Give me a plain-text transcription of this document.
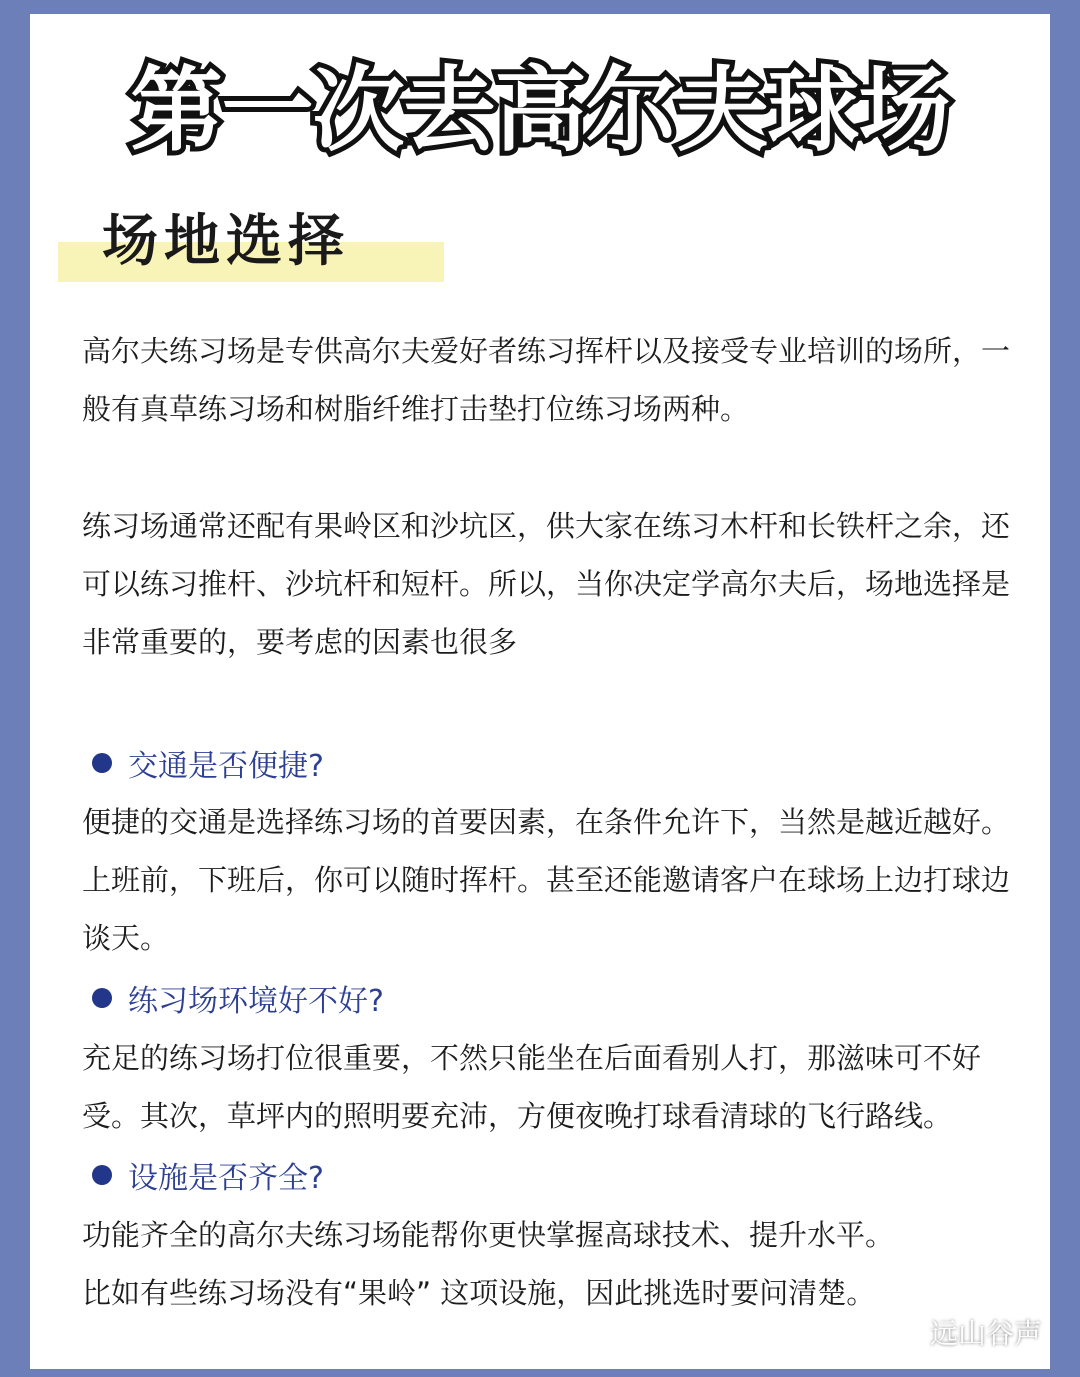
第一次去高尔夫球场
场地选择

高尔夫练习场是专供高尔夫爱好者练习挥杆以及接受专业培训的场所，一般有真草练习场和树脂纤维打击垫打位练习场两种。

练习场通常还配有果岭区和沙坑区，供大家在练习木杆和长铁杆之余，还可以练习推杆、沙坑杆和短杆。所以，当你决定学高尔夫后，场地选择是非常重要的，要考虑的因素也很多

交通是否便捷?

便捷的交通是选择练习场的首要因素，在条件允许下，当然是越近越好。上班前，下班后，你可以随时挥杆。甚至还能邀请客户在球场上边打球边谈天。

练习场环境好不好?

充足的练习场打位很重要，不然只能坐在后面看别人打，那滋味可不好受。其次，草坪内的照明要充沛，方便夜晚打球看清球的飞行路线。

设施是否齐全?

功能齐全的高尔夫练习场能帮你更快掌握高球技术、提升水平。

比如有些练习场没有“果岭” 这项设施，因此挑选时要问清楚。

远山谷声
